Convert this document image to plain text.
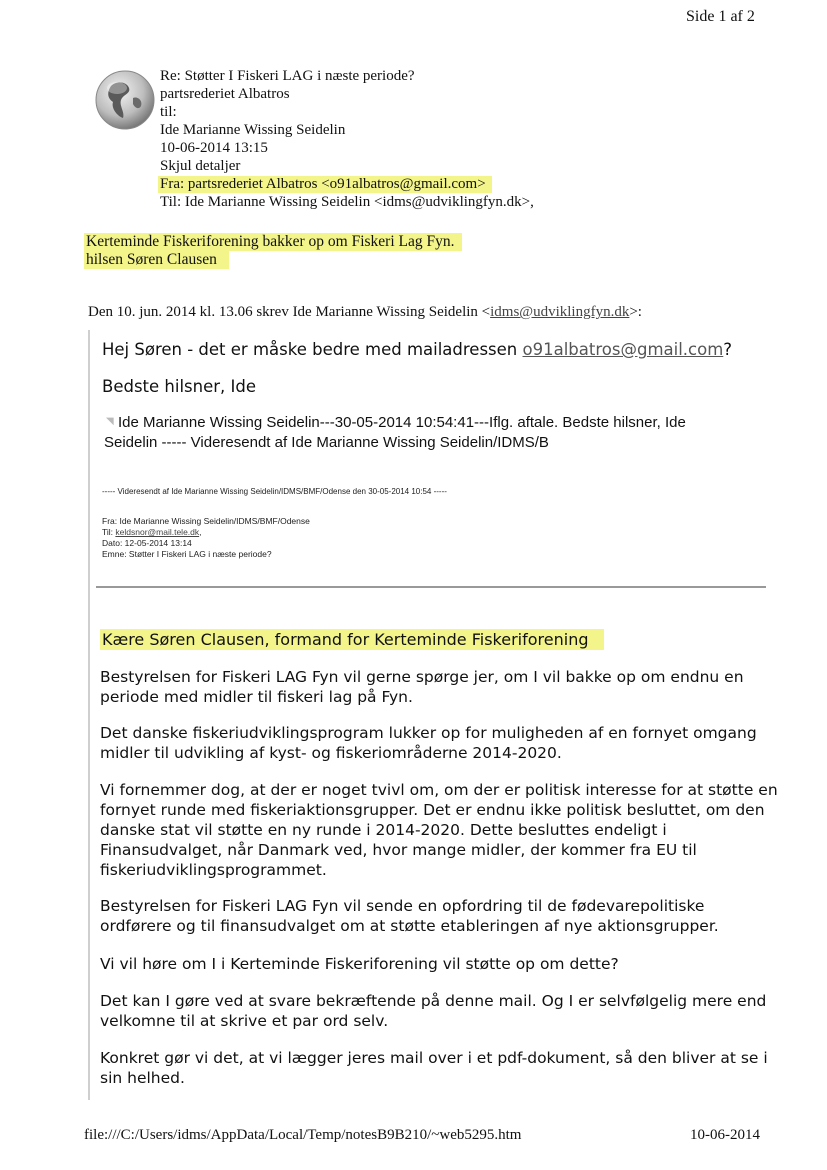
Side 1 af 2
Re: Støtter I Fiskeri LAG i næste periode?
partsrederiet Albatros
til:
Ide Marianne Wissing Seidelin
10-06-2014 13:15
Skjul detaljer
Fra: partsrederiet Albatros <o91albatros@gmail.com>
Til: Ide Marianne Wissing Seidelin <idms@udviklingfyn.dk>,
Kerteminde Fiskeriforening bakker op om Fiskeri Lag Fyn.
hilsen Søren Clausen
Den 10. jun. 2014 kl. 13.06 skrev Ide Marianne Wissing Seidelin <idms@udviklingfyn.dk>:
Hej Søren - det er måske bedre med mailadressen o91albatros@gmail.com?
Bedste hilsner, Ide
◥ Ide Marianne Wissing Seidelin---30-05-2014 10:54:41---Iflg. aftale. Bedste hilsner, Ide
Seidelin ----- Videresendt af Ide Marianne Wissing Seidelin/IDMS/B
----- Videresendt af Ide Marianne Wissing Seidelin/IDMS/BMF/Odense den 30-05-2014 10:54 -----
Fra: Ide Marianne Wissing Seidelin/IDMS/BMF/Odense
Til: keldsnor@mail.tele.dk,
Dato: 12-05-2014 13:14
Emne: Støtter I Fiskeri LAG i næste periode?
Kære Søren Clausen, formand for Kerteminde Fiskeriforening
Bestyrelsen for Fiskeri LAG Fyn vil gerne spørge jer, om I vil bakke op om endnu en periode med midler til fiskeri lag på Fyn.
Det danske fiskeriudviklingsprogram lukker op for muligheden af en fornyet omgang midler til udvikling af kyst- og fiskeriområderne 2014-2020.
Vi fornemmer dog, at der er noget tvivl om, om der er politisk interesse for at støtte en fornyet runde med fiskeriaktionsgrupper. Det er endnu ikke politisk besluttet, om den danske stat vil støtte en ny runde i 2014-2020. Dette besluttes endeligt i Finansudvalget, når Danmark ved, hvor mange midler, der kommer fra EU til fiskeriudviklingsprogrammet.
Bestyrelsen for Fiskeri LAG Fyn vil sende en opfordring til de fødevarepolitiske ordførere og til finansudvalget om at støtte etableringen af nye aktionsgrupper.
Vi vil høre om I i Kerteminde Fiskeriforening vil støtte op om dette?
Det kan I gøre ved at svare bekræftende på denne mail. Og I er selvfølgelig mere end velkomne til at skrive et par ord selv.
Konkret gør vi det, at vi lægger jeres mail over i et pdf-dokument, så den bliver at se i sin helhed.
file:///C:/Users/idms/AppData/Local/Temp/notesB9B210/~web5295.htm	10-06-2014
